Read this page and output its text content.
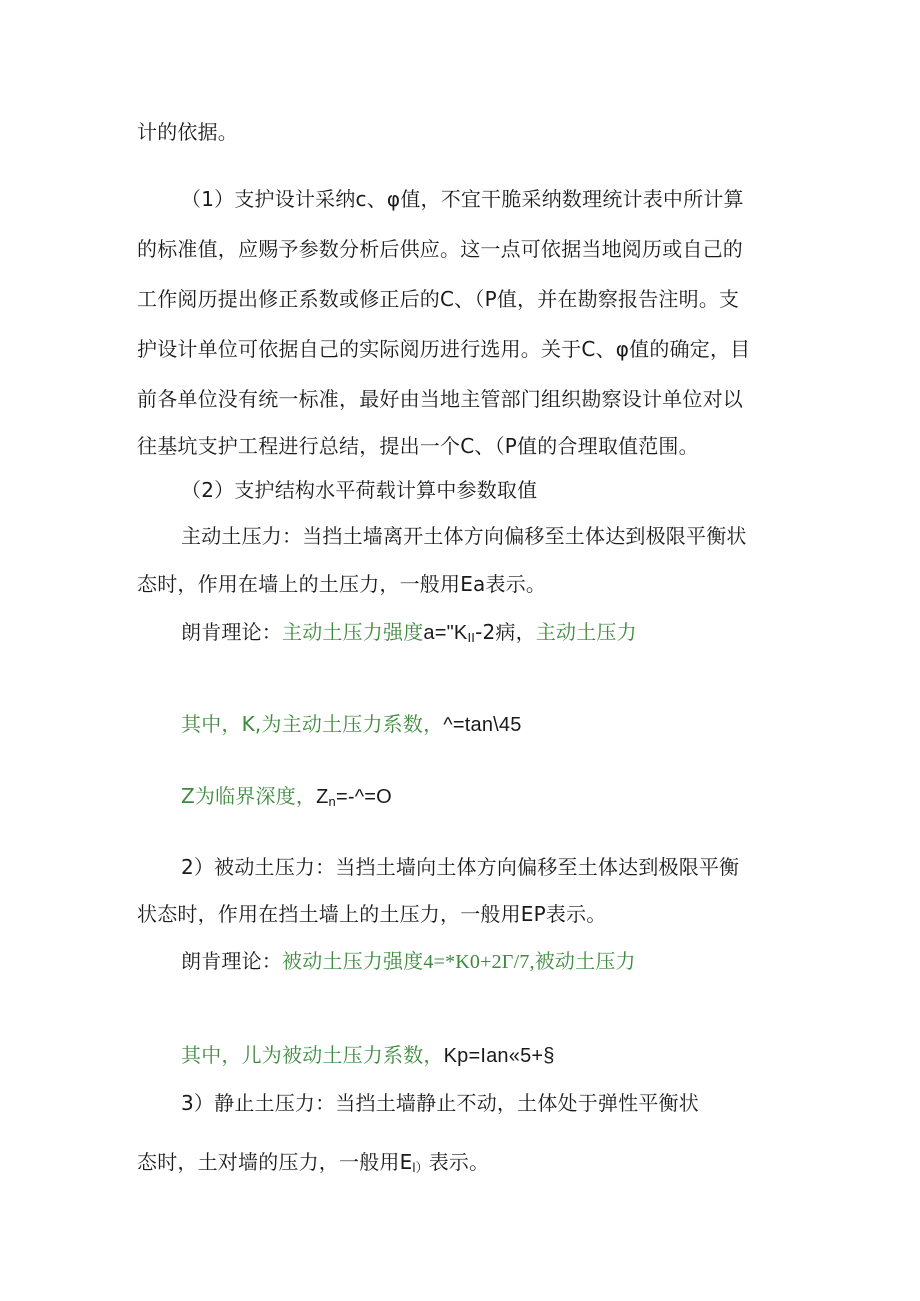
计的依据。
（1）支护设计采纳c、φ值，不宜干脆采纳数理统计表中所计算
的标准值，应赐予参数分析后供应。这一点可依据当地阅历或自己的
工作阅历提出修正系数或修正后的C、（P值，并在勘察报告注明。支
护设计单位可依据自己的实际阅历进行选用。关于C、φ值的确定，目
前各单位没有统一标准，最好由当地主管部门组织勘察设计单位对以
往基坑支护工程进行总结，提出一个C、（P值的合理取值范围。
（2）支护结构水平荷载计算中参数取值
主动土压力：当挡土墙离开土体方向偏移至土体达到极限平衡状
态时，作用在墙上的土压力，一般用Ea表示。
朗肯理论：主动土压力强度$a="K_{II}-2$病，主动土压力
其中，K,为主动土压力系数，^=tan\45
Z为临界深度，$Z_n=-\^{}=O$
2）被动土压力：当挡土墙向土体方向偏移至土体达到极限平衡
状态时，作用在挡土墙上的土压力，一般用EP表示。
朗肯理论：被动土压力强度4=*K0+2Γ/7,被动土压力
其中，儿为被动土压力系数，Kp=Ian«5+§
3）静止土压力：当挡土墙静止不动，土体处于弹性平衡状
态时，土对墙的压力，一般用$E_{l)}$表示。
